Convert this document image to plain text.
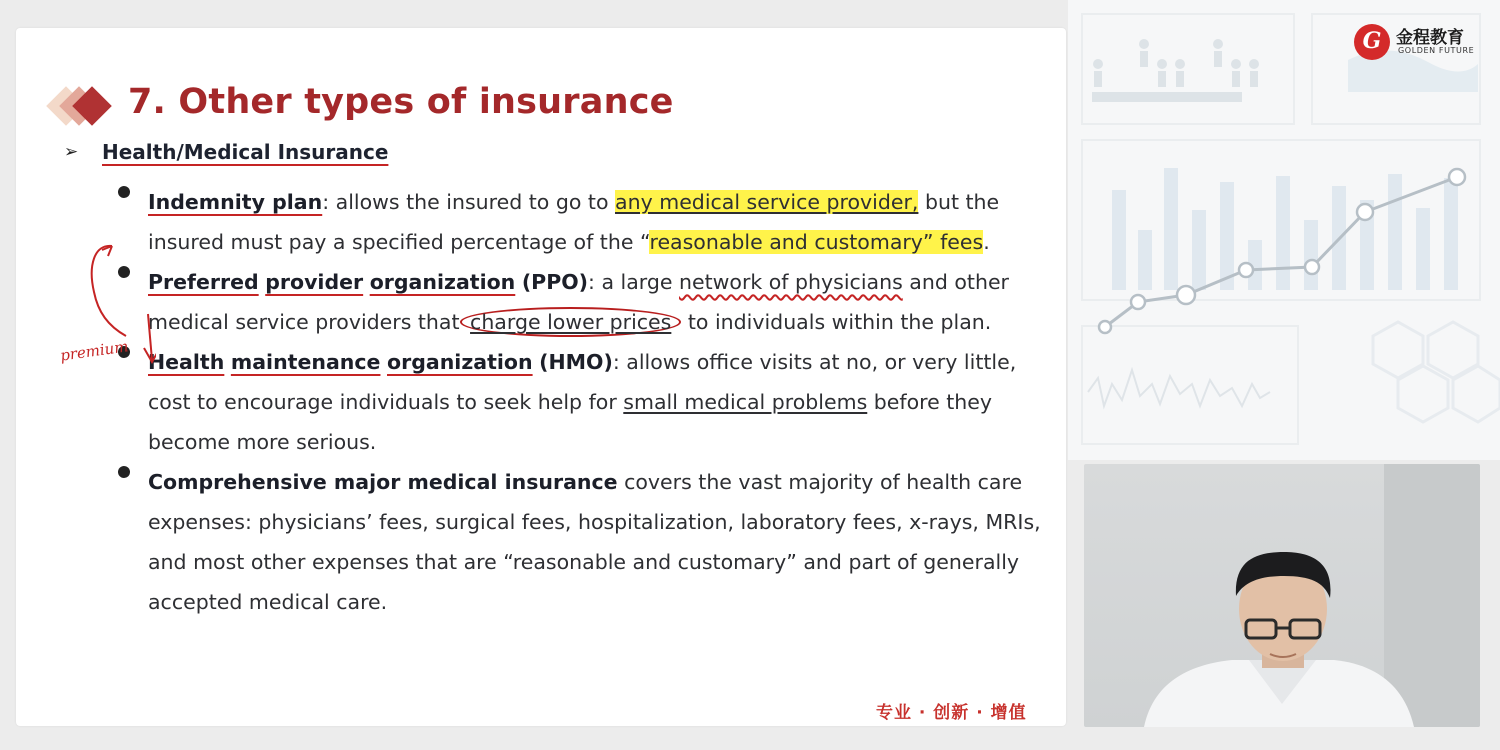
G 金程教育
GOLDEN FUTURE
7. Other types of insurance
➢ Health/Medical Insurance
Indemnity plan: allows the insured to go to any medical service provider, but the insured must pay a specified percentage of the “reasonable and customary” fees.
Preferred provider organization (PPO): a large network of physicians and other medical service providers that charge lower prices to individuals within the plan.
Health maintenance organization (HMO): allows office visits at no, or very little, cost to encourage individuals to seek help for small medical problems before they become more serious.
Comprehensive major medical insurance covers the vast majority of health care expenses: physicians’ fees, surgical fees, hospitalization, laboratory fees, x-rays, MRIs, and most other expenses that are “reasonable and customary” and part of generally accepted medical care.
premium
专业 · 创新 · 增值
